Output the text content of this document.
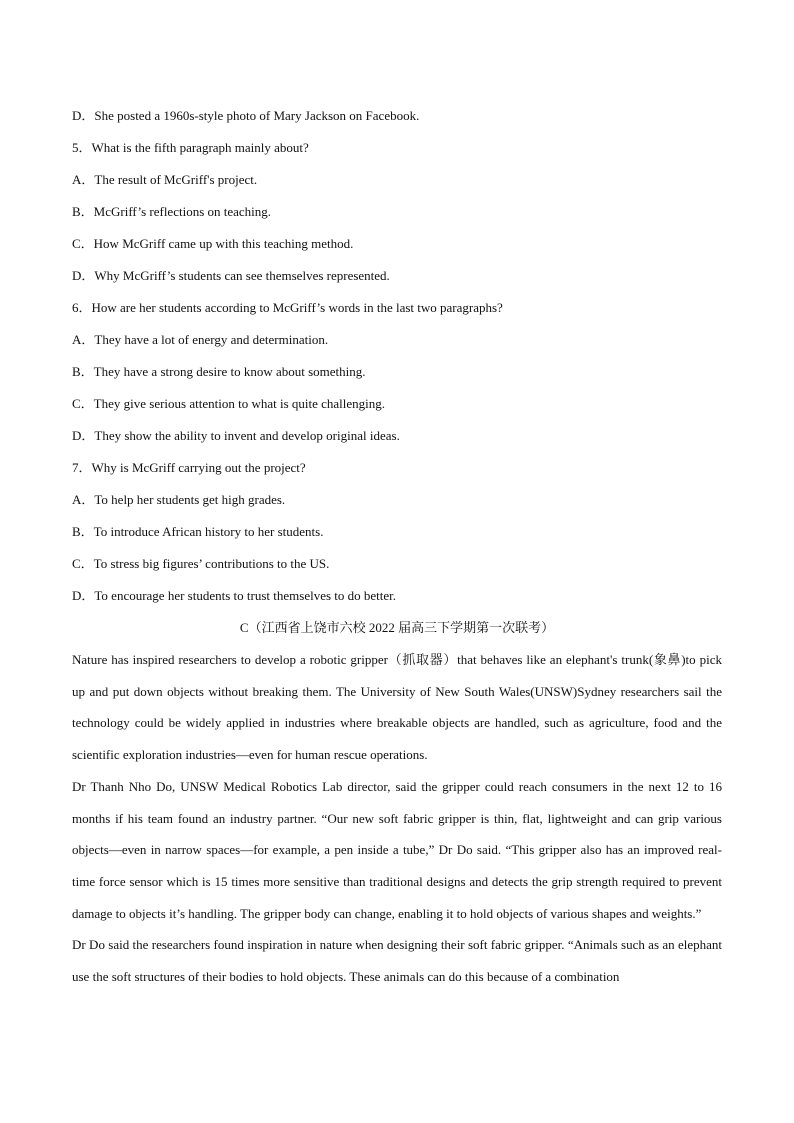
D．She posted a 1960s-style photo of Mary Jackson on Facebook.
5．What is the fifth paragraph mainly about?
A．The result of McGriff's project.
B．McGriff’s reflections on teaching.
C．How McGriff came up with this teaching method.
D．Why McGriff’s students can see themselves represented.
6．How are her students according to McGriff’s words in the last two paragraphs?
A．They have a lot of energy and determination.
B．They have a strong desire to know about something.
C．They give serious attention to what is quite challenging.
D．They show the ability to invent and develop original ideas.
7．Why is McGriff carrying out the project?
A．To help her students get high grades.
B．To introduce African history to her students.
C．To stress big figures’ contributions to the US.
D．To encourage her students to trust themselves to do better.
C（江西省上饶市六校 2022 届高三下学期第一次联考）

Nature has inspired researchers to develop a robotic gripper（抓取器）that behaves like an elephant's trunk(象鼻)to pick up and put down objects without breaking them. The University of New South Wales(UNSW)Sydney researchers sail the technology could be widely applied in industries where breakable objects are handled, such as agriculture, food and the scientific exploration industries—even for human rescue operations.

Dr Thanh Nho Do, UNSW Medical Robotics Lab director, said the gripper could reach consumers in the next 12 to 16 months if his team found an industry partner. “Our new soft fabric gripper is thin, flat, lightweight and can grip various objects—even in narrow spaces—for example, a pen inside a tube,” Dr Do said. “This gripper also has an improved real-time force sensor which is 15 times more sensitive than traditional designs and detects the grip strength required to prevent damage to objects it’s handling. The gripper body can change, enabling it to hold objects of various shapes and weights.”

Dr Do said the researchers found inspiration in nature when designing their soft fabric gripper. “Animals such as an elephant use the soft structures of their bodies to hold objects. These animals can do this because of a combination
